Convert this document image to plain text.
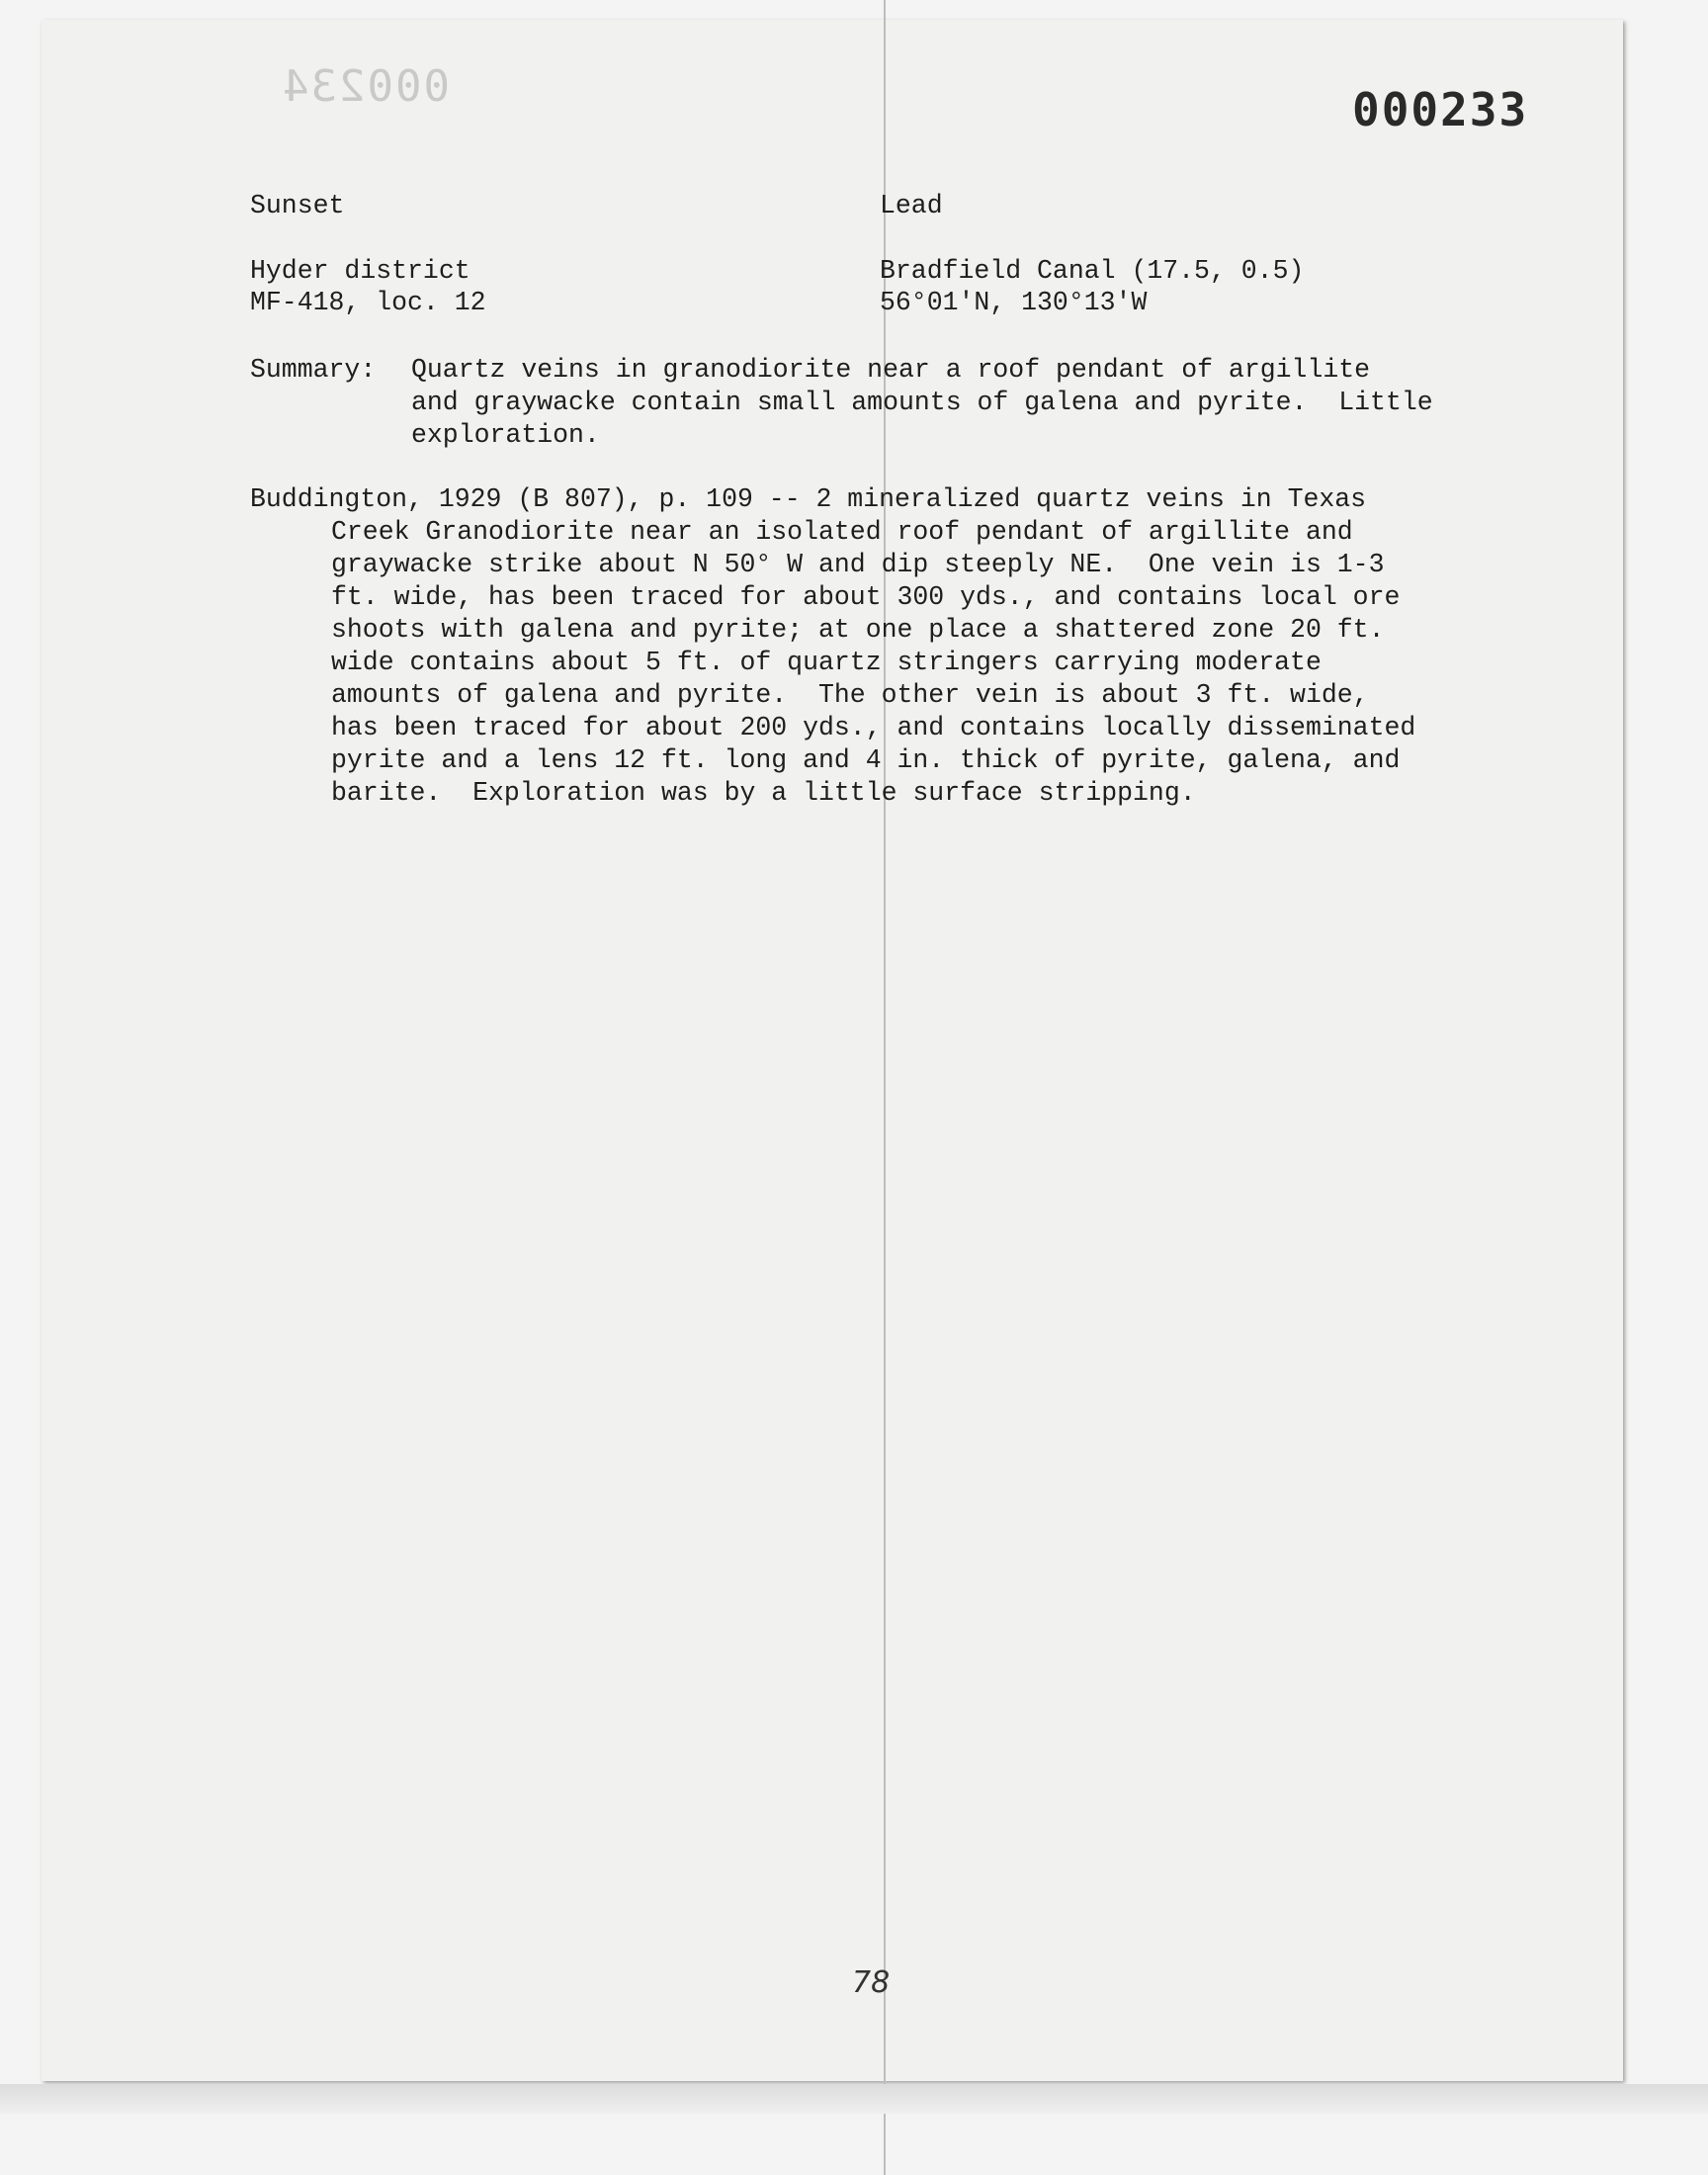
000234	000233
Sunset
Hyder district
MF-418, loc. 12
Lead
Bradfield Canal (17.5, 0.5)
56°01'N, 130°13'W
Summary: Quartz veins in granodiorite near a roof pendant of argillite
and graywacke contain small amounts of galena and pyrite.  Little
exploration.
Buddington, 1929 (B 807), p. 109 -- 2 mineralized quartz veins in Texas
Creek Granodiorite near an isolated roof pendant of argillite and
graywacke strike about N 50° W and dip steeply NE.  One vein is 1-3
ft. wide, has been traced for about 300 yds., and contains local ore
shoots with galena and pyrite; at one place a shattered zone 20 ft.
wide contains about 5 ft. of quartz stringers carrying moderate
amounts of galena and pyrite.  The other vein is about 3 ft. wide,
has been traced for about 200 yds., and contains locally disseminated
pyrite and a lens 12 ft. long and 4 in. thick of pyrite, galena, and
barite.  Exploration was by a little surface stripping.
78
